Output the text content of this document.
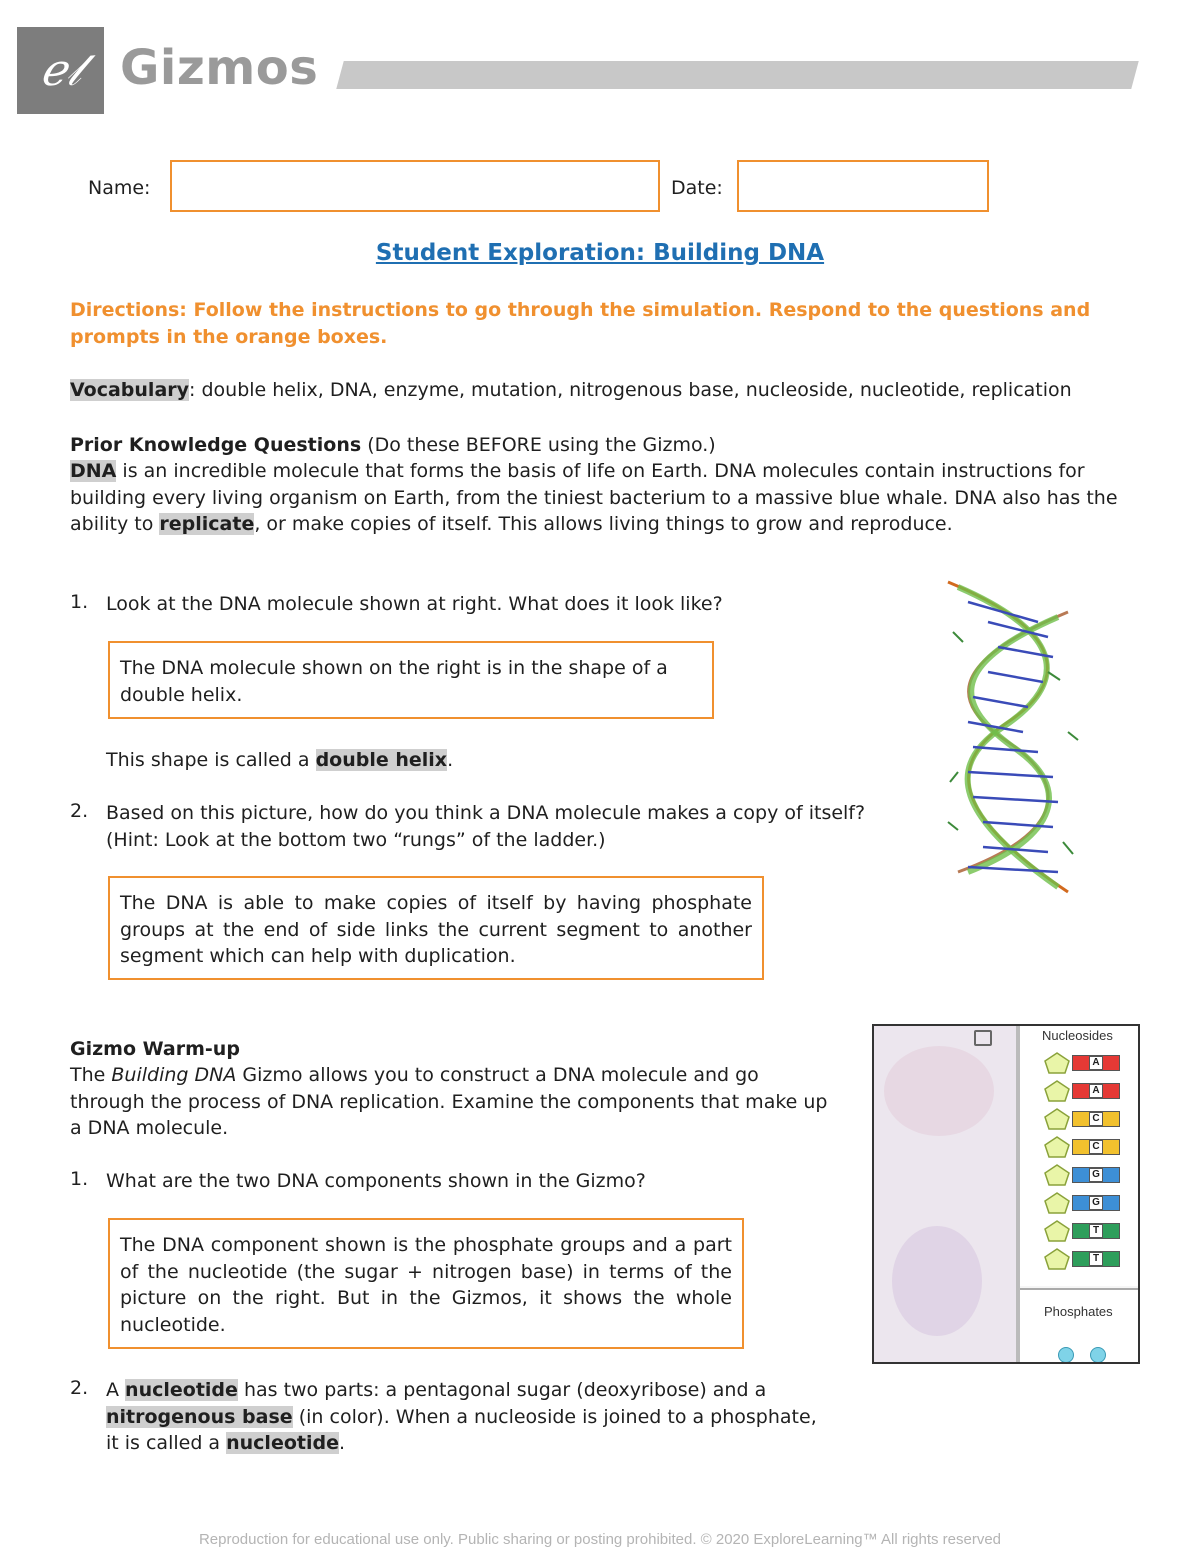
ℯ𝓁 Gizmos
Name:	Date:
Student Exploration: Building DNA
Directions: Follow the instructions to go through the simulation. Respond to the questions and prompts in the orange boxes.
Vocabulary: double helix, DNA, enzyme, mutation, nitrogenous base, nucleoside, nucleotide, replication
Prior Knowledge Questions (Do these BEFORE using the Gizmo.)
DNA is an incredible molecule that forms the basis of life on Earth. DNA molecules contain instructions for building every living organism on Earth, from the tiniest bacterium to a massive blue whale. DNA also has the ability to replicate, or make copies of itself. This allows living things to grow and reproduce.
1. Look at the DNA molecule shown at right. What does it look like?
The DNA molecule shown on the right is in the shape of a double helix.
This shape is called a double helix.
2. Based on this picture, how do you think a DNA molecule makes a copy of itself? (Hint: Look at the bottom two “rungs” of the ladder.)
The DNA is able to make copies of itself by having phosphate groups at the end of side links the current segment to another segment which can help with duplication.
Gizmo Warm-up
The Building DNA Gizmo allows you to construct a DNA molecule and go through the process of DNA replication. Examine the components that make up a DNA molecule.
1. What are the two DNA components shown in the Gizmo?
The DNA component shown is the phosphate groups and a part of the nucleotide (the sugar + nitrogen base) in terms of the picture on the right. But in the Gizmos, it shows the whole nucleotide.
2. A nucleotide has two parts: a pentagonal sugar (deoxyribose) and a nitrogenous base (in color). When a nucleoside is joined to a phosphate, it is called a nucleotide.
Nucleosides
A
A
C
C
G
G
T
T
Phosphates
Reproduction for educational use only. Public sharing or posting prohibited. © 2020 ExploreLearning™ All rights reserved
